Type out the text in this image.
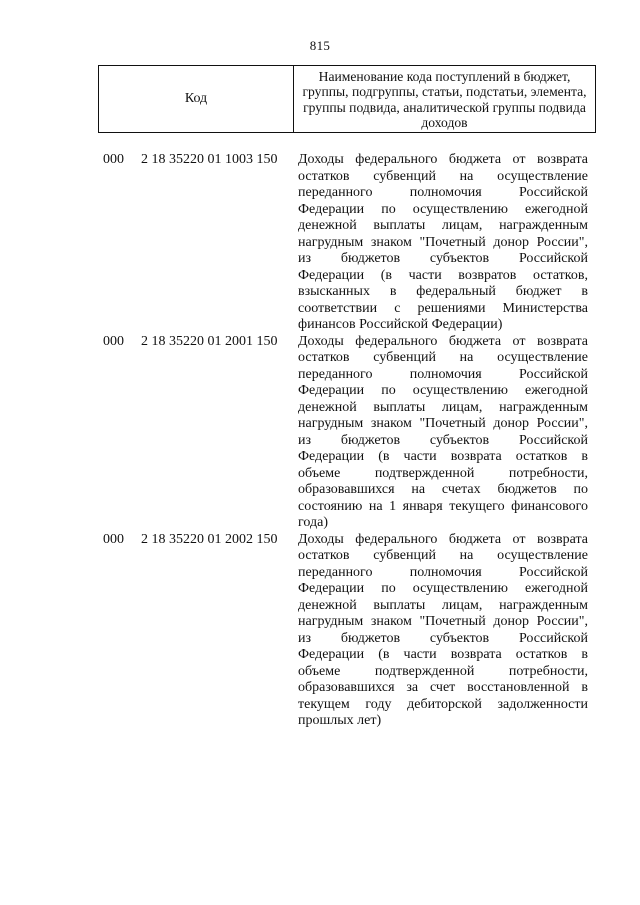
815
Код
Наименование кода поступлений в бюджет, группы, подгруппы, статьи, подстатьи, элемента, группы подвида, аналитической группы подвида доходов
000 2 18 35220 01 1003 150 Доходы федерального бюджета от возврата
остатков субвенций на осуществление
переданного полномочия Российской
Федерации по осуществлению ежегодной
денежной выплаты лицам, награжденным
нагрудным знаком "Почетный донор России",
из бюджетов субъектов Российской
Федерации (в части возвратов остатков,
взысканных в федеральный бюджет в
соответствии с решениями Министерства
финансов Российской Федерации)
000 2 18 35220 01 2001 150 Доходы федерального бюджета от возврата
остатков субвенций на осуществление
переданного полномочия Российской
Федерации по осуществлению ежегодной
денежной выплаты лицам, награжденным
нагрудным знаком "Почетный донор России",
из бюджетов субъектов Российской
Федерации (в части возврата остатков в
объеме подтвержденной потребности,
образовавшихся на счетах бюджетов по
состоянию на 1 января текущего финансового
года)
000 2 18 35220 01 2002 150 Доходы федерального бюджета от возврата
остатков субвенций на осуществление
переданного полномочия Российской
Федерации по осуществлению ежегодной
денежной выплаты лицам, награжденным
нагрудным знаком "Почетный донор России",
из бюджетов субъектов Российской
Федерации (в части возврата остатков в
объеме подтвержденной потребности,
образовавшихся за счет восстановленной в
текущем году дебиторской задолженности
прошлых лет)
